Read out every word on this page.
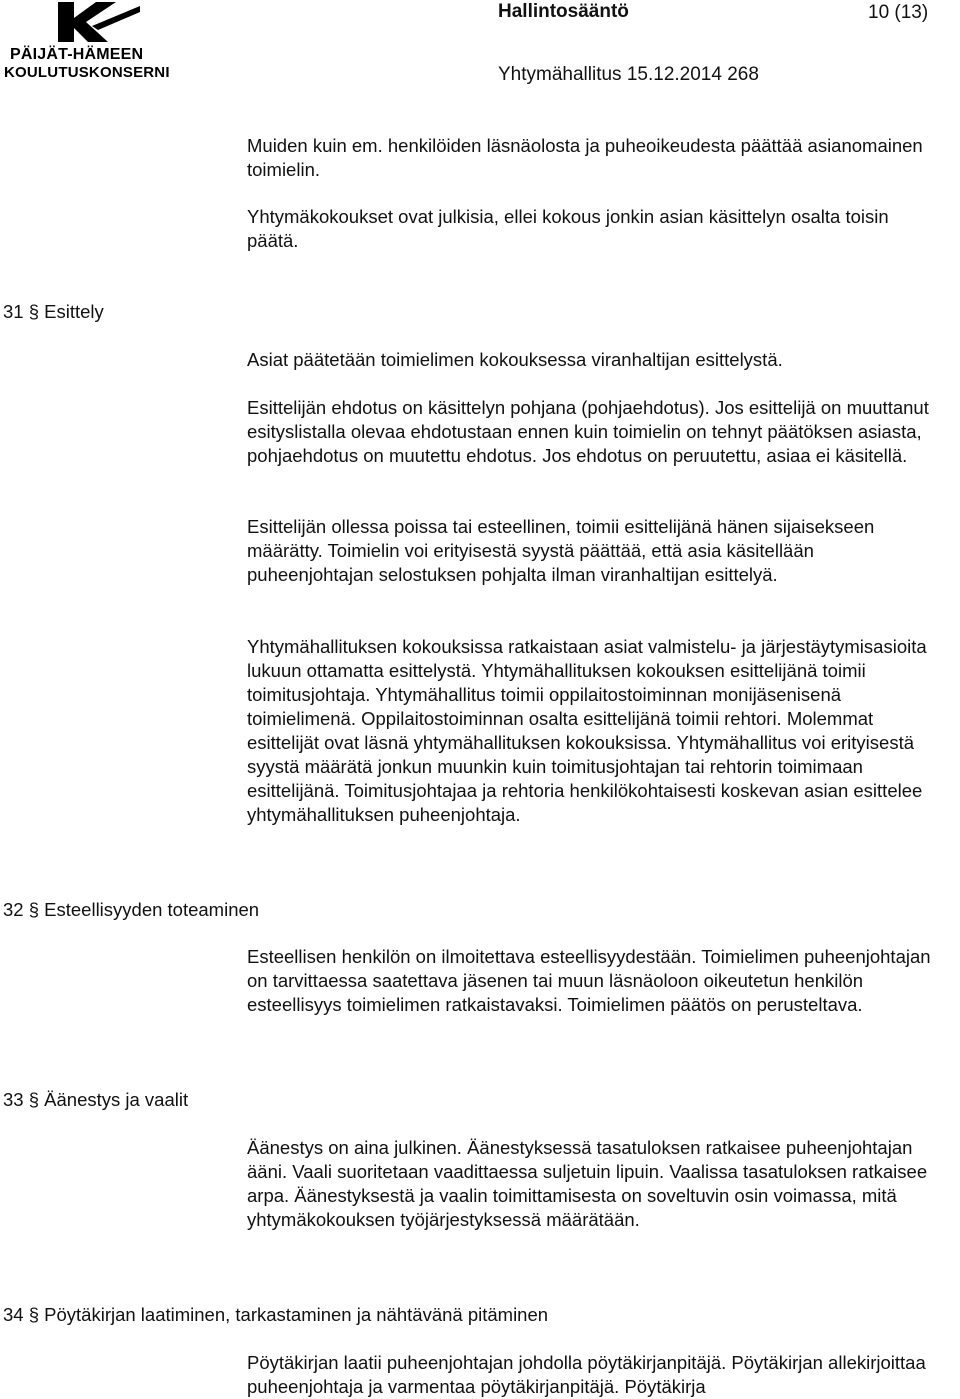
PÄIJÄT-HÄMEEN
KOULUTUSKONSERNI
Hallintosääntö	10 (13)
Yhtymähallitus 15.12.2014 268

Muiden kuin em. henkilöiden läsnäolosta ja puheoikeudesta päättää asianomainen toimielin.

Yhtymäkokoukset ovat julkisia, ellei kokous jonkin asian käsittelyn osalta toisin päätä.

31 § Esittely

Asiat päätetään toimielimen kokouksessa viranhaltijan esittelystä.

Esittelijän ehdotus on käsittelyn pohjana (pohjaehdotus). Jos esittelijä on muuttanut esityslistalla olevaa ehdotustaan ennen kuin toimielin on tehnyt päätöksen asiasta, pohjaehdotus on muutettu ehdotus. Jos ehdotus on peruutettu, asiaa ei käsitellä.

Esittelijän ollessa poissa tai esteellinen, toimii esittelijänä hänen sijaisekseen määrätty. Toimielin voi erityisestä syystä päättää, että asia käsitellään puheenjohtajan selostuksen pohjalta ilman viranhaltijan esittelyä.

Yhtymähallituksen kokouksissa ratkaistaan asiat valmistelu- ja järjestäytymisasioita lukuun ottamatta esittelystä. Yhtymähallituksen kokouksen esittelijänä toimii toimitusjohtaja. Yhtymähallitus toimii oppilaitostoiminnan monijäsenisenä toimielimenä. Oppilaitostoiminnan osalta esittelijänä toimii rehtori. Molemmat esittelijät ovat läsnä yhtymähallituksen kokouksissa. Yhtymähallitus voi erityisestä syystä määrätä jonkun muunkin kuin toimitusjohtajan tai rehtorin toimimaan esittelijänä. Toimitusjohtajaa ja rehtoria henkilökohtaisesti koskevan asian esittelee yhtymähallituksen puheenjohtaja.

32 § Esteellisyyden toteaminen

Esteellisen henkilön on ilmoitettava esteellisyydestään. Toimielimen puheenjohtajan on tarvittaessa saatettava jäsenen tai muun läsnäoloon oikeutetun henkilön esteellisyys toimielimen ratkaistavaksi. Toimielimen päätös on perusteltava.

33 § Äänestys ja vaalit

Äänestys on aina julkinen. Äänestyksessä tasatuloksen ratkaisee puheenjohtajan ääni. Vaali suoritetaan vaadittaessa suljetuin lipuin. Vaalissa tasatuloksen ratkaisee arpa. Äänestyksestä ja vaalin toimittamisesta on soveltuvin osin voimassa, mitä yhtymäkokouksen työjärjestyksessä määrätään.

34 § Pöytäkirjan laatiminen, tarkastaminen ja nähtävänä pitäminen

Pöytäkirjan laatii puheenjohtajan johdolla pöytäkirjanpitäjä. Pöytäkirjan allekirjoittaa puheenjohtaja ja varmentaa pöytäkirjanpitäjä. Pöytäkirja
